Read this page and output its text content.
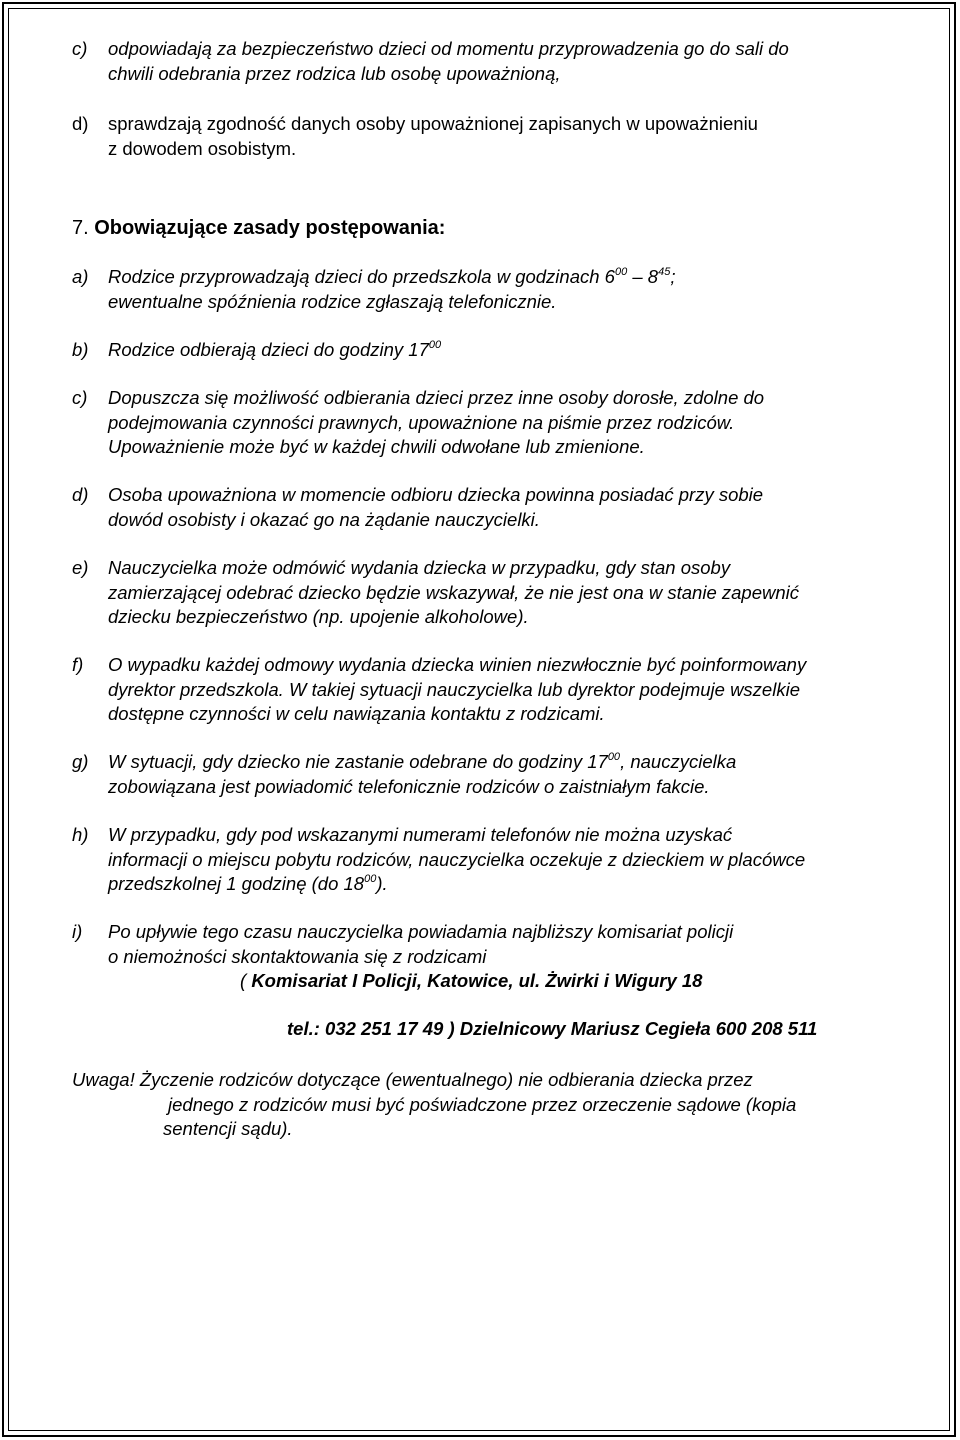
c) odpowiadają za bezpieczeństwo dzieci od momentu przyprowadzenia go do sali do
chwili odebrania przez rodzica lub osobę upoważnioną,
d) sprawdzają zgodność danych osoby upoważnionej zapisanych w upoważnieniu
z dowodem osobistym.
7. Obowiązujące zasady postępowania:
a) Rodzice przyprowadzają dzieci do przedszkola w godzinach $6^{00} - 8^{45}$;
ewentualne spóźnienia rodzice zgłaszają telefonicznie.
b) Rodzice odbierają dzieci do godziny $17^{00}$
c) Dopuszcza się możliwość odbierania dzieci przez inne osoby dorosłe, zdolne do
podejmowania czynności prawnych, upoważnione na piśmie przez rodziców.
Upoważnienie może być w każdej chwili odwołane lub zmienione.
d) Osoba upoważniona w momencie odbioru dziecka powinna posiadać przy sobie
dowód osobisty i okazać go na żądanie nauczycielki.
e) Nauczycielka może odmówić wydania dziecka w przypadku, gdy stan osoby
zamierzającej odebrać dziecko będzie wskazywał, że nie jest ona w stanie zapewnić
dziecku bezpieczeństwo (np. upojenie alkoholowe).
f) O wypadku każdej odmowy wydania dziecka winien niezwłocznie być poinformowany
dyrektor przedszkola. W takiej sytuacji nauczycielka lub dyrektor podejmuje wszelkie
dostępne czynności w celu nawiązania kontaktu z rodzicami.
g) W sytuacji, gdy dziecko nie zastanie odebrane do godziny $17^{00}$, nauczycielka
zobowiązana jest powiadomić telefonicznie rodziców o zaistniałym fakcie.
h) W przypadku, gdy pod wskazanymi numerami telefonów nie można uzyskać
informacji o miejscu pobytu rodziców, nauczycielka oczekuje z dzieckiem w placówce
przedszkolnej 1 godzinę (do $18^{00}$).
i) Po upływie tego czasu nauczycielka powiadamia najbliższy komisariat policji
o niemożności skontaktowania się z rodzicami
( Komisariat I Policji, Katowice, ul. Żwirki i Wigury 18
tel.: 032 251 17 49 ) Dzielnicowy Mariusz Cegieła 600 208 511
Uwaga! Życzenie rodziców dotyczące (ewentualnego) nie odbierania dziecka przez
jednego z rodziców musi być poświadczone przez orzeczenie sądowe (kopia
sentencji sądu).
